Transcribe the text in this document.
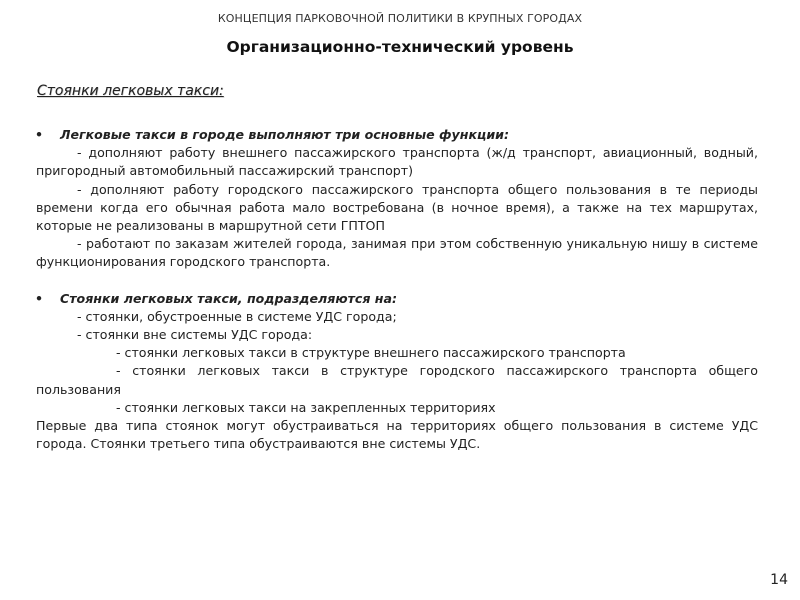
КОНЦЕПЦИЯ ПАРКОВОЧНОЙ ПОЛИТИКИ В КРУПНЫХ ГОРОДАХ
Организационно-технический уровень
Стоянки легковых такси:
• Легковые такси в городе выполняют три основные функции:
- дополняют работу внешнего пассажирского транспорта (ж/д транспорт, авиационный, водный, пригородный автомобильный пассажирский транспорт)
- дополняют работу городского пассажирского транспорта общего пользования в те периоды времени когда его обычная работа мало востребована (в ночное время), а также на тех маршрутах, которые не реализованы в маршрутной сети ГПТОП
- работают по заказам жителей города, занимая при этом собственную уникальную нишу в системе функционирования городского транспорта.
• Стоянки легковых такси, подразделяются на:
- стоянки, обустроенные в системе УДС города;
- стоянки вне системы УДС города:
- стоянки легковых такси в структуре внешнего пассажирского транспорта
- стоянки легковых такси в структуре городского пассажирского транспорта общего пользования
- стоянки легковых такси на закрепленных территориях
Первые два типа стоянок могут обустраиваться на территориях общего пользования в системе УДС города. Стоянки третьего типа обустраиваются вне системы УДС.
14
